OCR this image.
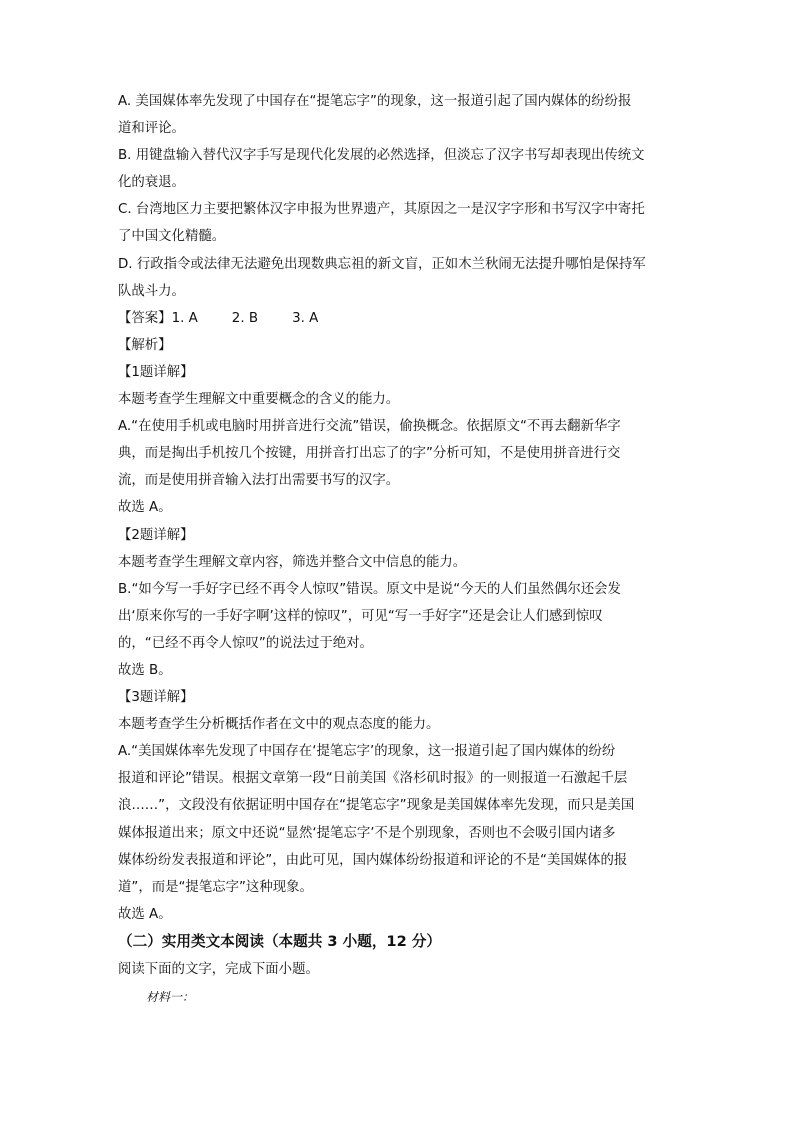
A. 美国媒体率先发现了中国存在“提笔忘字”的现象，这一报道引起了国内媒体的纷纷报

道和评论。

B. 用键盘输入替代汉字手写是现代化发展的必然选择，但淡忘了汉字书写却表现出传统文

化的衰退。

C. 台湾地区力主要把繁体汉字申报为世界遗产，其原因之一是汉字字形和书写汉字中寄托

了中国文化精髓。

D. 行政指令或法律无法避免出现数典忘祖的新文盲，正如木兰秋闹无法提升哪怕是保持军

队战斗力。

【答案】1. A        2. B        3. A

【解析】

【1题详解】

本题考查学生理解文中重要概念的含义的能力。

A.“在使用手机或电脑时用拼音进行交流”错误，偷换概念。依据原文“不再去翻新华字

典，而是掏出手机按几个按键，用拼音打出忘了的字”分析可知，不是使用拼音进行交

流，而是使用拼音输入法打出需要书写的汉字。

故选 A。

【2题详解】

本题考查学生理解文章内容，筛选并整合文中信息的能力。

B.“如今写一手好字已经不再令人惊叹”错误。原文中是说“今天的人们虽然偶尔还会发

出‘原来你写的一手好字啊’这样的惊叹”，可见“写一手好字”还是会让人们感到惊叹

的，“已经不再令人惊叹”的说法过于绝对。

故选 B。

【3题详解】

本题考查学生分析概括作者在文中的观点态度的能力。

A.“美国媒体率先发现了中国存在‘提笔忘字’的现象，这一报道引起了国内媒体的纷纷

报道和评论”错误。根据文章第一段“日前美国《洛杉矶时报》的一则报道一石激起千层

浪……”，文段没有依据证明中国存在“提笔忘字”现象是美国媒体率先发现，而只是美国

媒体报道出来；原文中还说“显然‘提笔忘字’不是个别现象，否则也不会吸引国内诸多

媒体纷纷发表报道和评论”，由此可见，国内媒体纷纷报道和评论的不是“美国媒体的报

道”，而是“提笔忘字”这种现象。

故选 A。

（二）实用类文本阅读（本题共 3 小题，12 分）

阅读下面的文字，完成下面小题。

材料一：
